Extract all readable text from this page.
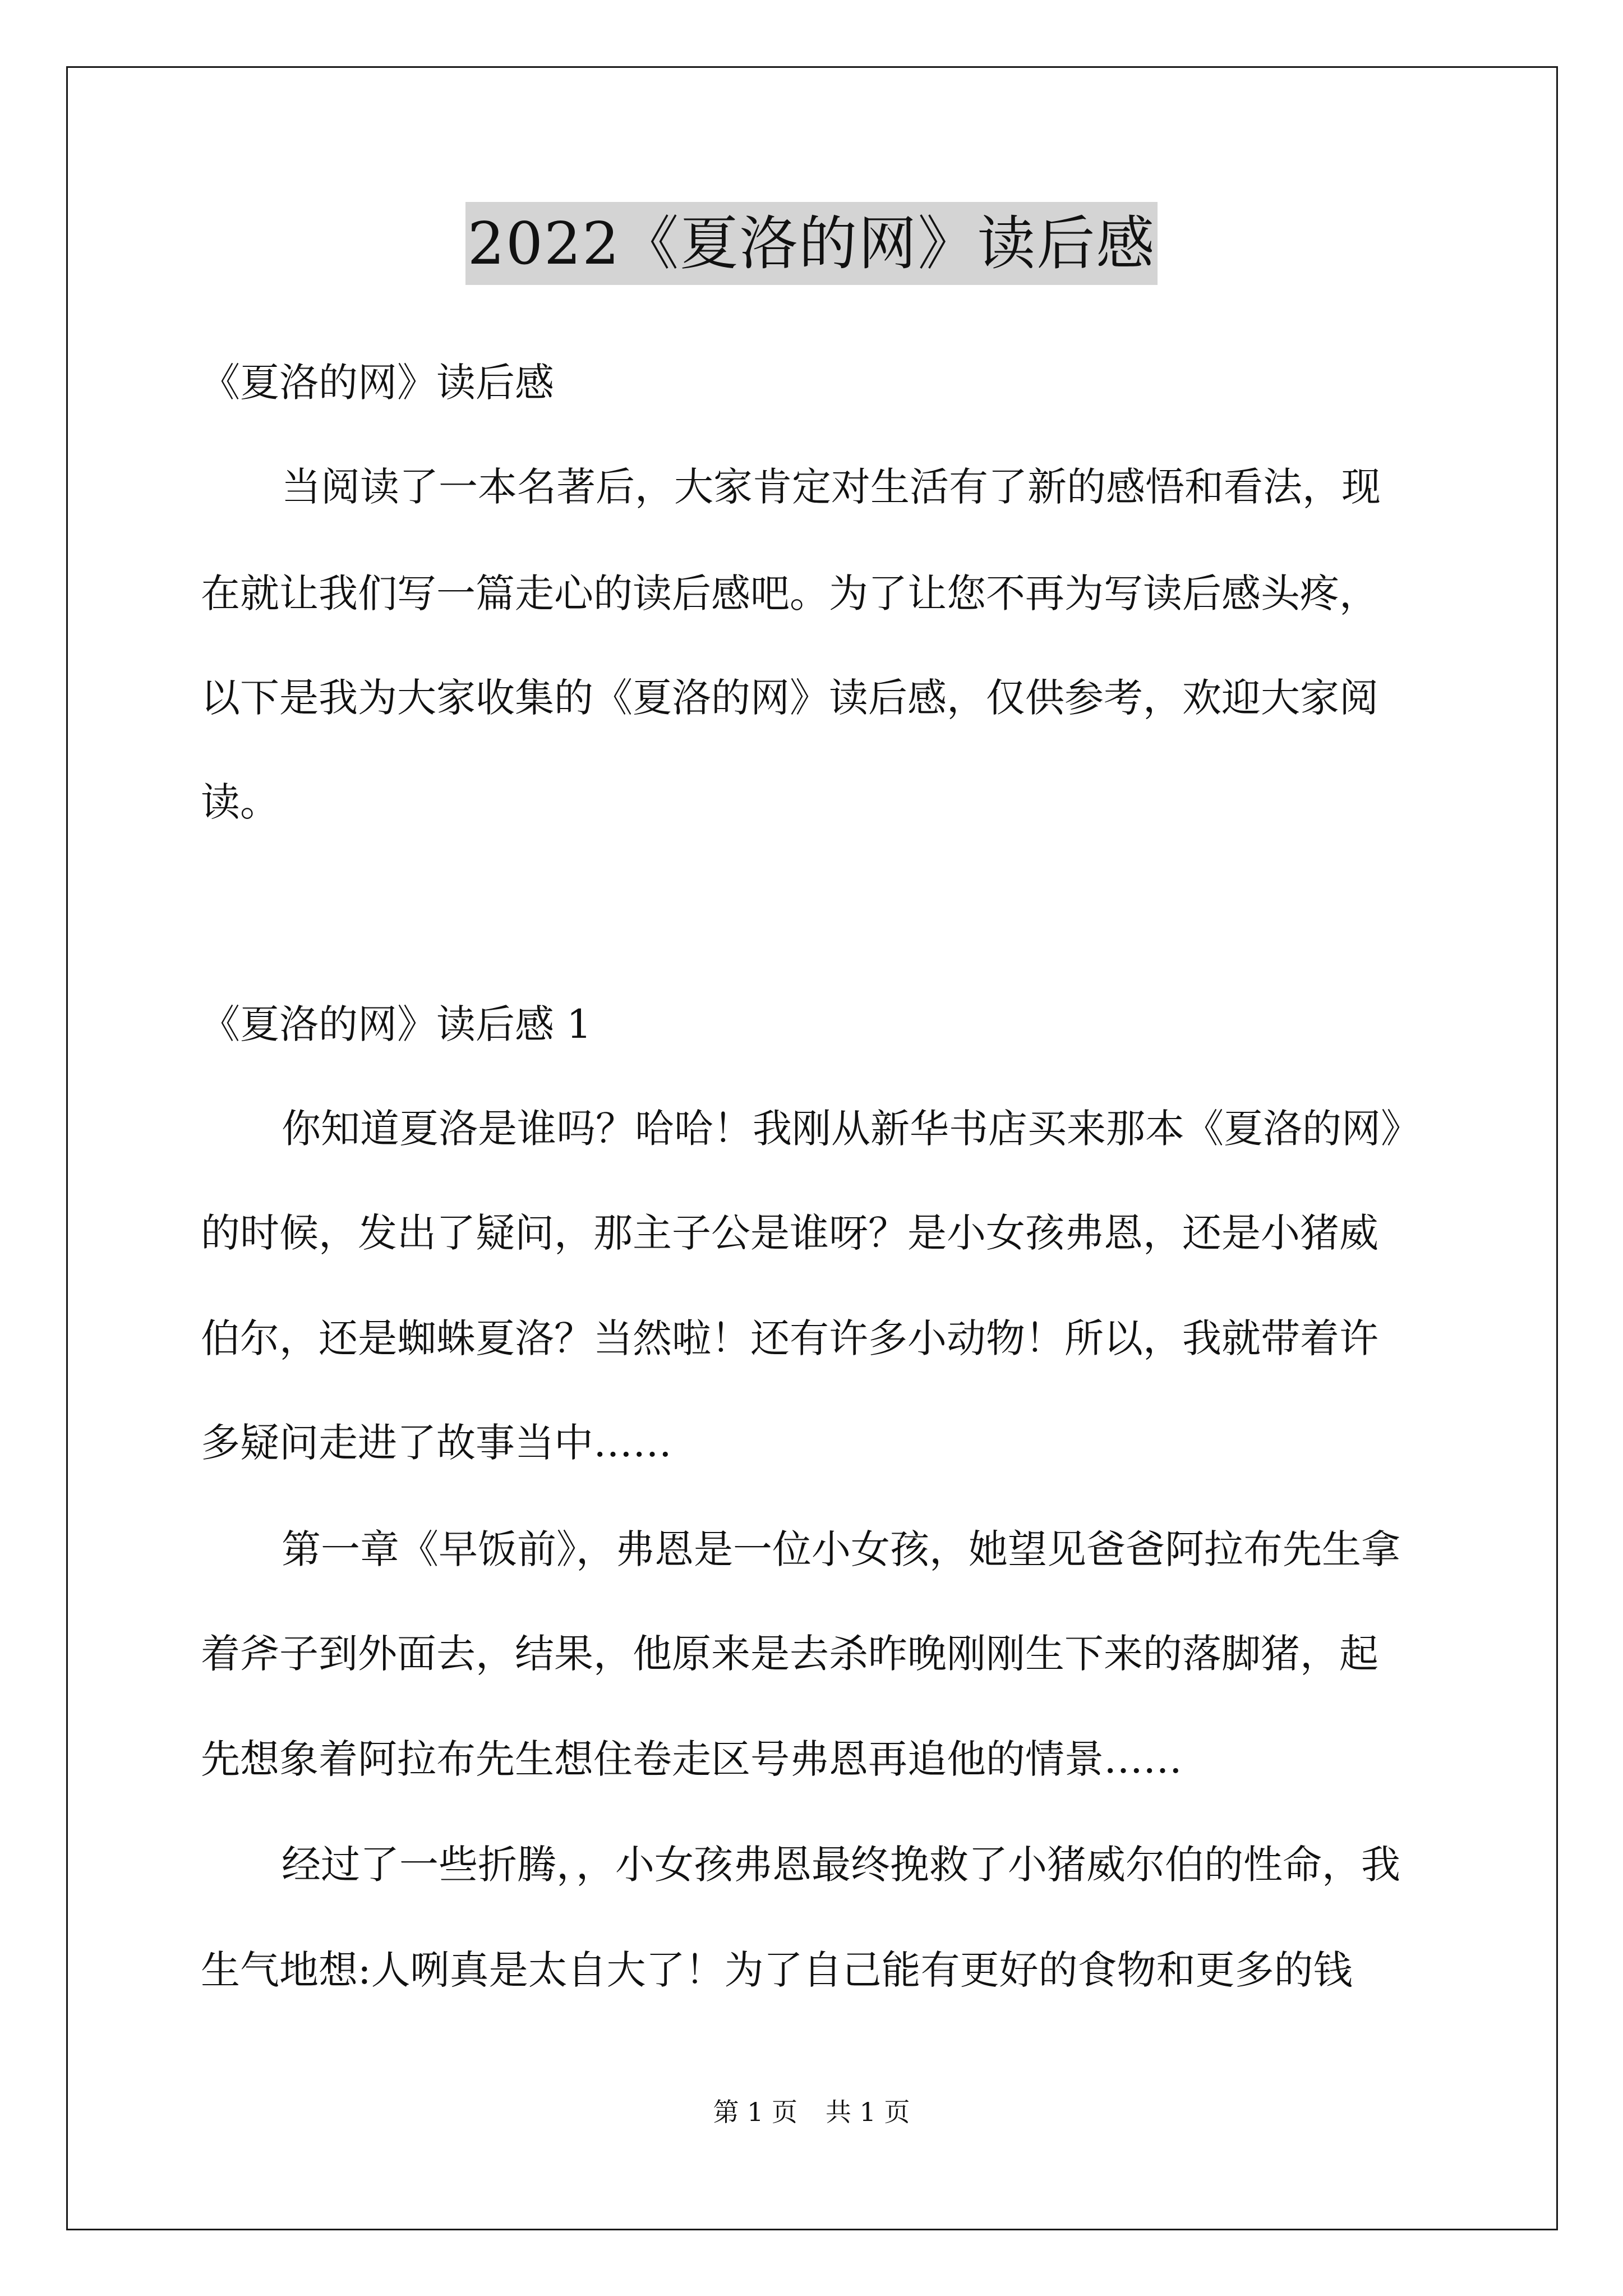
2022《夏洛的网》读后感
《夏洛的网》读后感
当阅读了一本名著后，大家肯定对生活有了新的感悟和看法，现
在就让我们写一篇走心的读后感吧。为了让您不再为写读后感头疼，
以下是我为大家收集的《夏洛的网》读后感，仅供参考，欢迎大家阅
读。
《夏洛的网》读后感 1
你知道夏洛是谁吗？哈哈！我刚从新华书店买来那本《夏洛的网》
的时候，发出了疑问，那主子公是谁呀？是小女孩弗恩，还是小猪威
伯尔，还是蜘蛛夏洛？当然啦！还有许多小动物！所以，我就带着许
多疑问走进了故事当中……
第一章《早饭前》，弗恩是一位小女孩，她望见爸爸阿拉布先生拿
着斧子到外面去，结果，他原来是去杀昨晚刚刚生下来的落脚猪，起
先想象着阿拉布先生想住卷走区号弗恩再追他的情景……
经过了一些折腾，，小女孩弗恩最终挽救了小猪威尔伯的性命，我
生气地想:人咧真是太自大了！为了自己能有更好的食物和更多的钱
第 1 页 共 1 页
